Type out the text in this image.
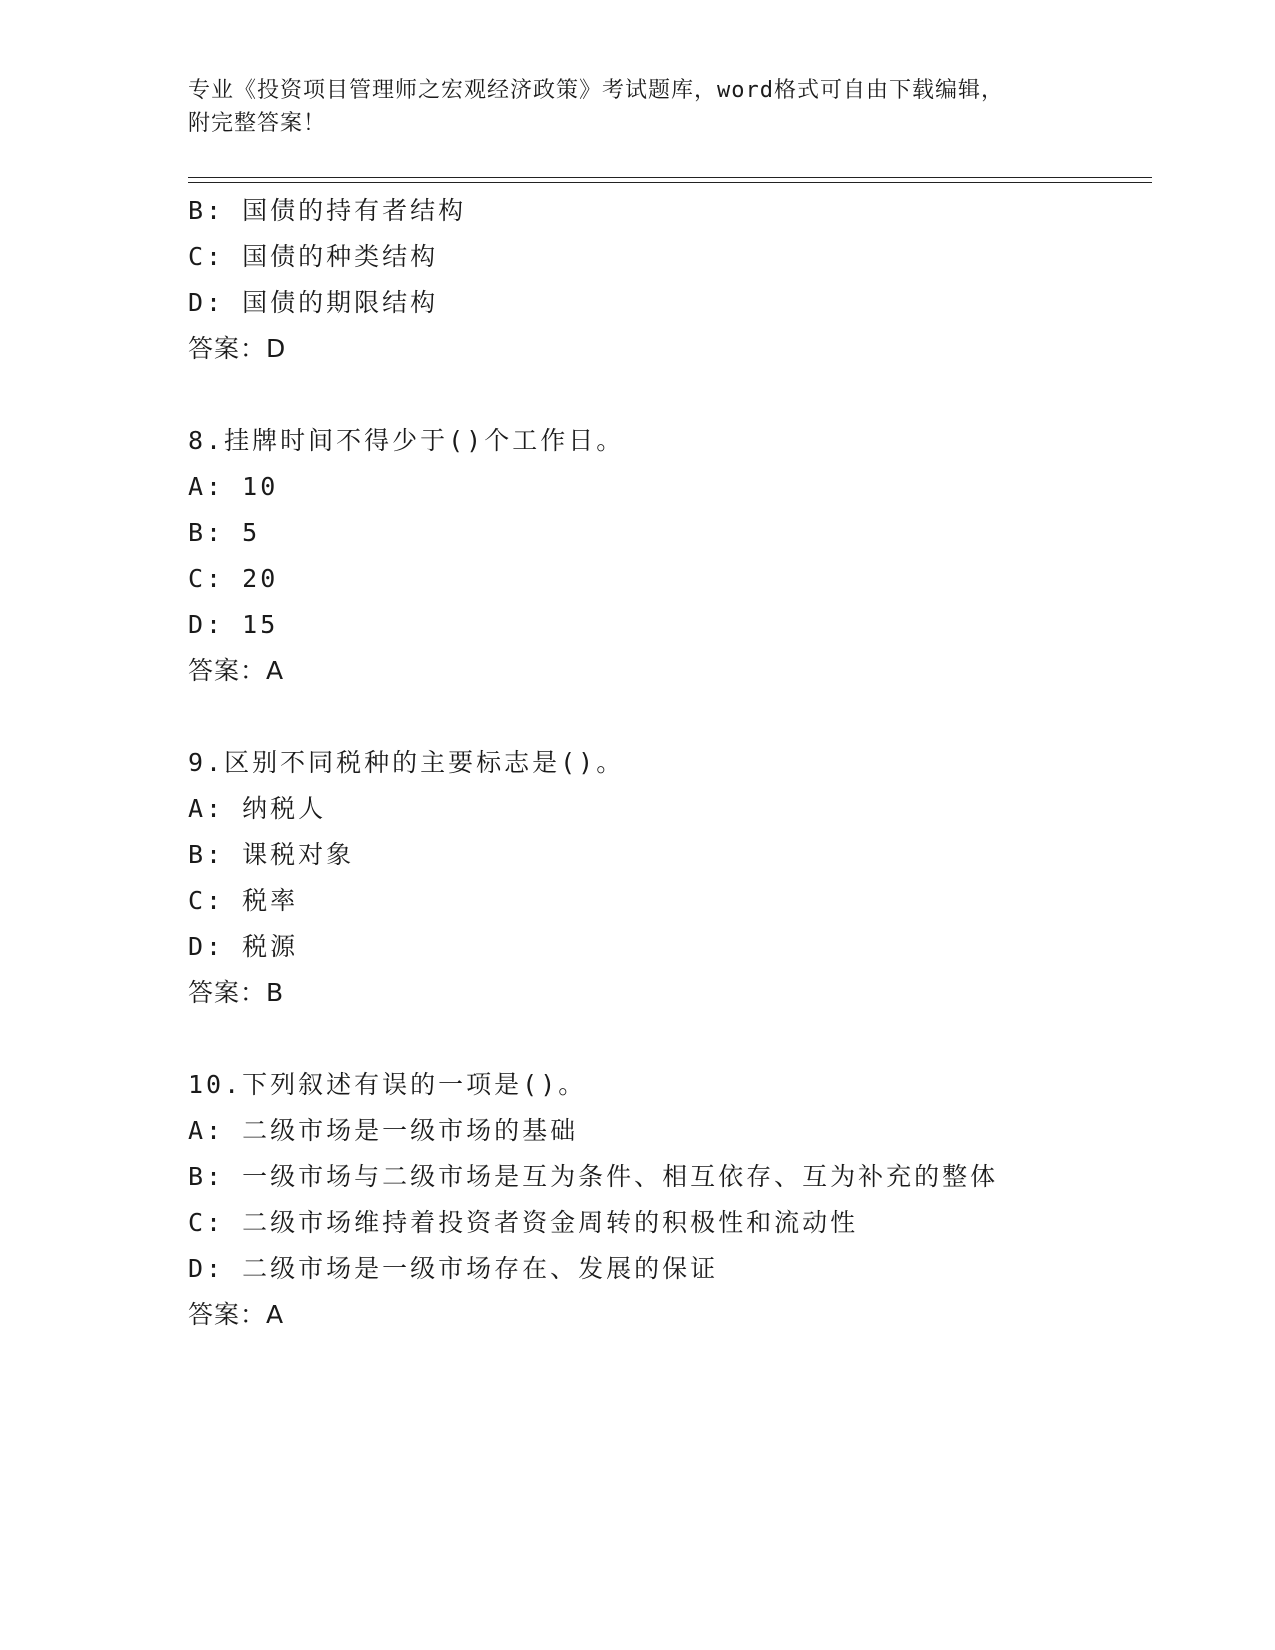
专业《投资项目管理师之宏观经济政策》考试题库，word格式可自由下载编辑，
附完整答案！
B: 国债的持有者结构
C: 国债的种类结构
D: 国债的期限结构
答案：D
8.挂牌时间不得少于()个工作日。
A: 10
B: 5
C: 20
D: 15
答案：A
9.区别不同税种的主要标志是()。
A: 纳税人
B: 课税对象
C: 税率
D: 税源
答案：B
10.下列叙述有误的一项是()。
A: 二级市场是一级市场的基础
B: 一级市场与二级市场是互为条件、相互依存、互为补充的整体
C: 二级市场维持着投资者资金周转的积极性和流动性
D: 二级市场是一级市场存在、发展的保证
答案：A
